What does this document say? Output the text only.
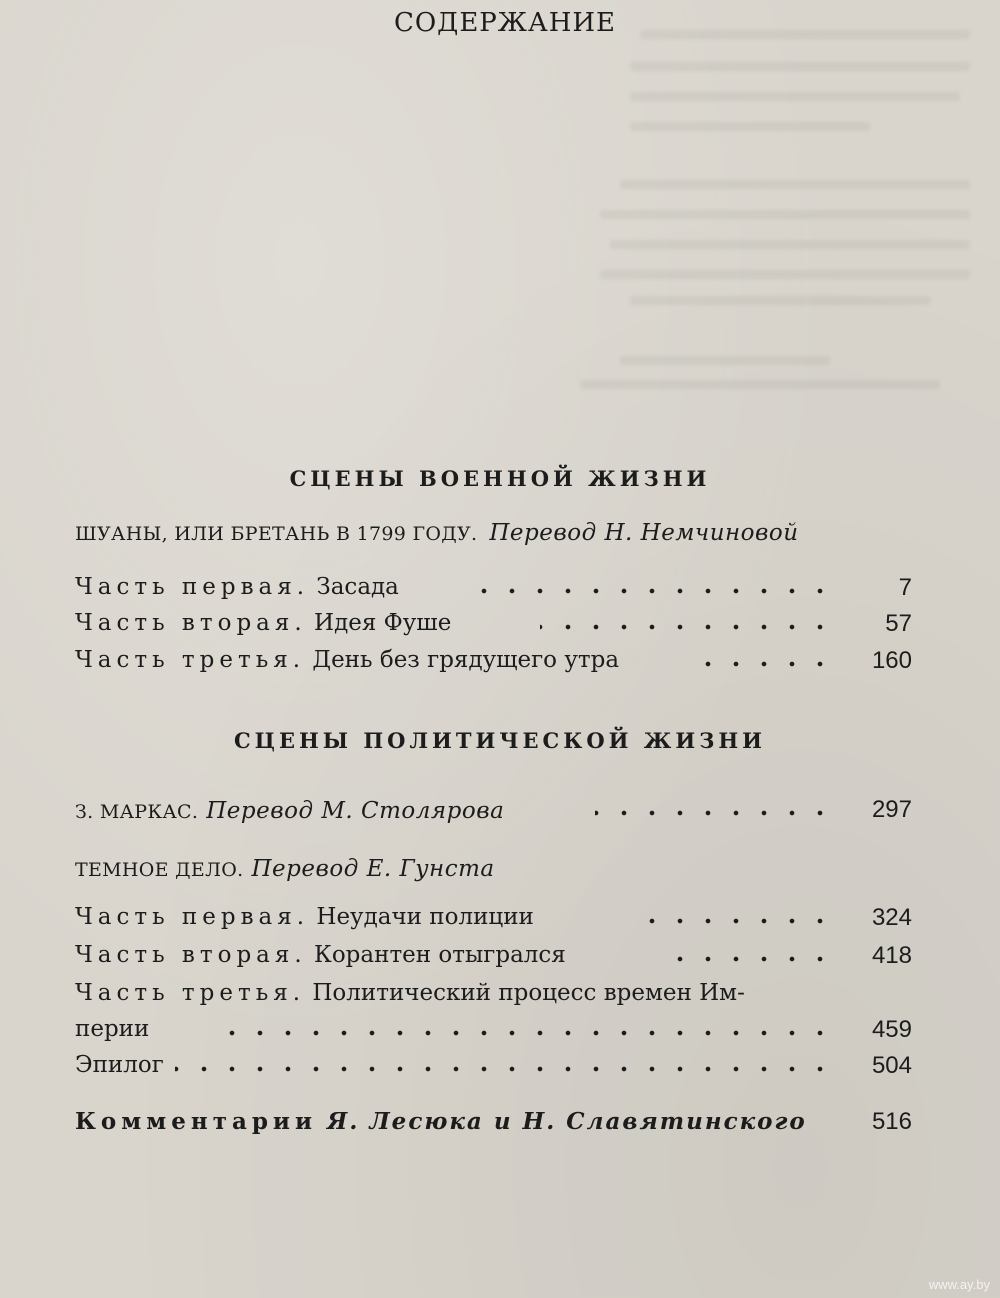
СОДЕРЖАНИЕ
СЦЕНЫ ВОЕННОЙ ЖИЗНИ
ШУАНЫ, ИЛИ БРЕТАНЬ В 1799 ГОДУ. Перевод Н. Немчиновой
Часть первая. Засада	7
Часть вторая. Идея Фуше	57
Часть третья. День без грядущего утра	160
СЦЕНЫ ПОЛИТИЧЕСКОЙ ЖИЗНИ
З. МАРКАС. Перевод М. Столярова	297
ТЕМНОЕ ДЕЛО. Перевод Е. Гунста
Часть первая. Неудачи полиции	324
Часть вторая. Корантен отыгрался	418
Часть третья. Политический процесс времен Им-
перии	459
Эпилог	504
Комментарии Я. Лесюка и Н. Славятинского	516
www.ay.by
